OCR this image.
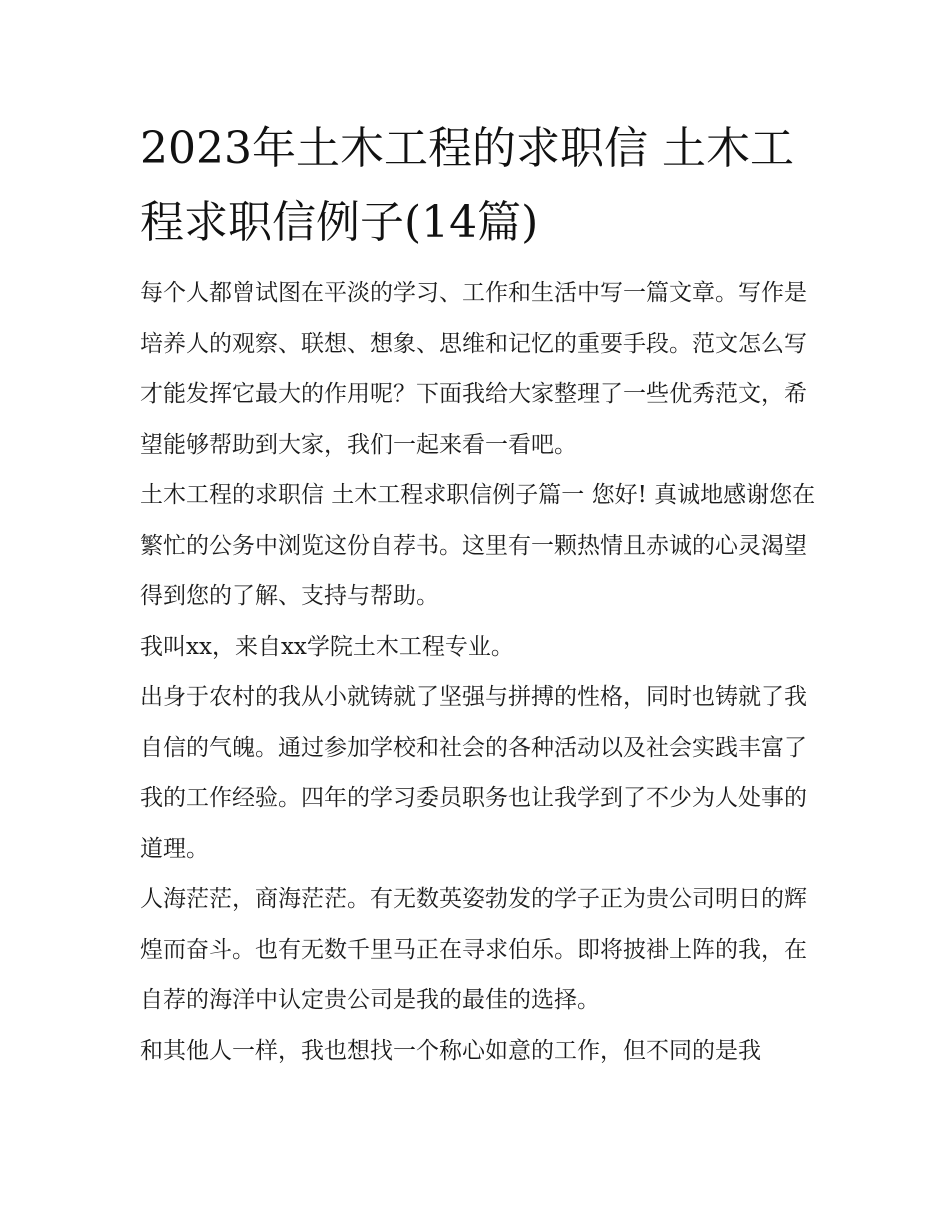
2023年土木工程的求职信 土木工程求职信例子(14篇)

每个人都曾试图在平淡的学习、工作和生活中写一篇文章。写作是培养人的观察、联想、想象、思维和记忆的重要手段。范文怎么写才能发挥它最大的作用呢？下面我给大家整理了一些优秀范文，希望能够帮助到大家，我们一起来看一看吧。

土木工程的求职信 土木工程求职信例子篇一 您好! 真诚地感谢您在繁忙的公务中浏览这份自荐书。这里有一颗热情且赤诚的心灵渴望得到您的了解、支持与帮助。

我叫xx，来自xx学院土木工程专业。

出身于农村的我从小就铸就了坚强与拼搏的性格，同时也铸就了我自信的气魄。通过参加学校和社会的各种活动以及社会实践丰富了我的工作经验。四年的学习委员职务也让我学到了不少为人处事的道理。

人海茫茫，商海茫茫。有无数英姿勃发的学子正为贵公司明日的辉煌而奋斗。也有无数千里马正在寻求伯乐。即将披褂上阵的我，在自荐的海洋中认定贵公司是我的最佳的选择。

和其他人一样，我也想找一个称心如意的工作，但不同的是我
